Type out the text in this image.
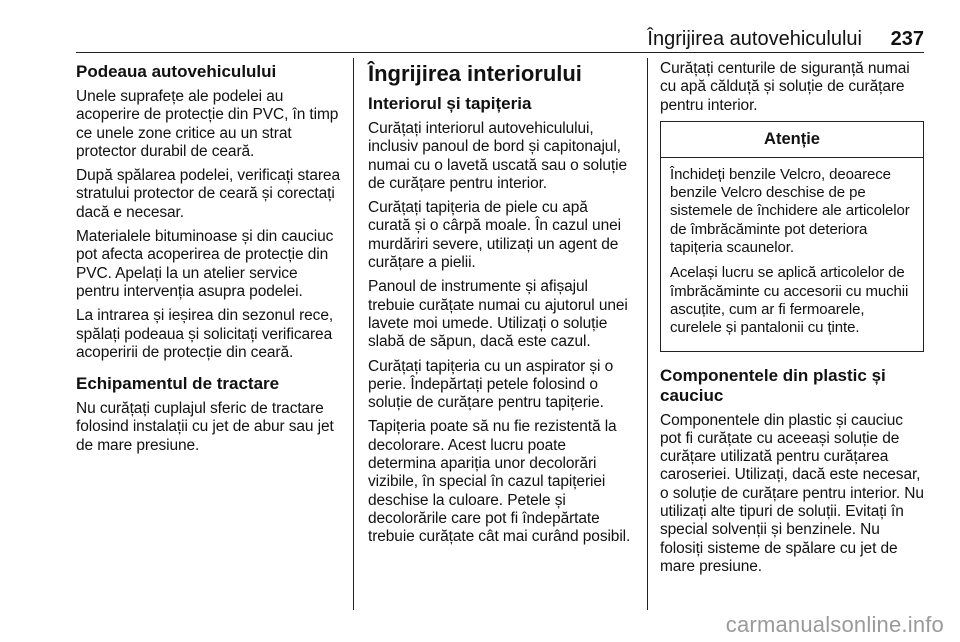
Îngrijirea autovehiculului 237
Podeaua autovehiculului

Unele suprafețe ale podelei au acoperire de protecție din PVC, în timp ce unele zone critice au un strat protector durabil de ceară.

După spălarea podelei, verificați starea stratului protector de ceară și corectați dacă e necesar.

Materialele bituminoase și din cauciuc pot afecta acoperirea de protecție din PVC. Apelați la un atelier service pentru intervenția asupra podelei.

La intrarea și ieșirea din sezonul rece, spălați podeaua și solicitați verificarea acoperirii de protecție din ceară.

Echipamentul de tractare

Nu curățați cuplajul sferic de tractare folosind instalații cu jet de abur sau jet de mare presiune.

Îngrijirea interiorului
Interiorul și tapițeria

Curățați interiorul autovehiculului, inclusiv panoul de bord și capitonajul, numai cu o lavetă uscată sau o soluție de curățare pentru interior.

Curățați tapițeria de piele cu apă curată și o cârpă moale. În cazul unei murdăriri severe, utilizați un agent de curățare a pielii.

Panoul de instrumente și afișajul trebuie curățate numai cu ajutorul unei lavete moi umede. Utilizați o soluție slabă de săpun, dacă este cazul.

Curățați tapițeria cu un aspirator și o perie. Îndepărtați petele folosind o soluție de curățare pentru tapițerie.

Tapițeria poate să nu fie rezistentă la decolorare. Acest lucru poate determina apariția unor decolorări vizibile, în special în cazul tapițeriei deschise la culoare. Petele și decolorările care pot fi îndepărtate trebuie curățate cât mai curând posibil.

Curățați centurile de siguranță numai cu apă călduță și soluție de curățare pentru interior.

Atenție

Închideți benzile Velcro, deoarece benzile Velcro deschise de pe sistemele de închidere ale articolelor de îmbrăcăminte pot deteriora tapițeria scaunelor.

Același lucru se aplică articolelor de îmbrăcăminte cu accesorii cu muchii ascuțite, cum ar fi fermoarele, curelele și pantalonii cu ținte.

Componentele din plastic și cauciuc

Componentele din plastic și cauciuc pot fi curățate cu aceeași soluție de curățare utilizată pentru curățarea caroseriei. Utilizați, dacă este necesar, o soluție de curățare pentru interior. Nu utilizați alte tipuri de soluții. Evitați în special solvenții și benzinele. Nu folosiți sisteme de spălare cu jet de mare presiune.

carmanualsonline.info
